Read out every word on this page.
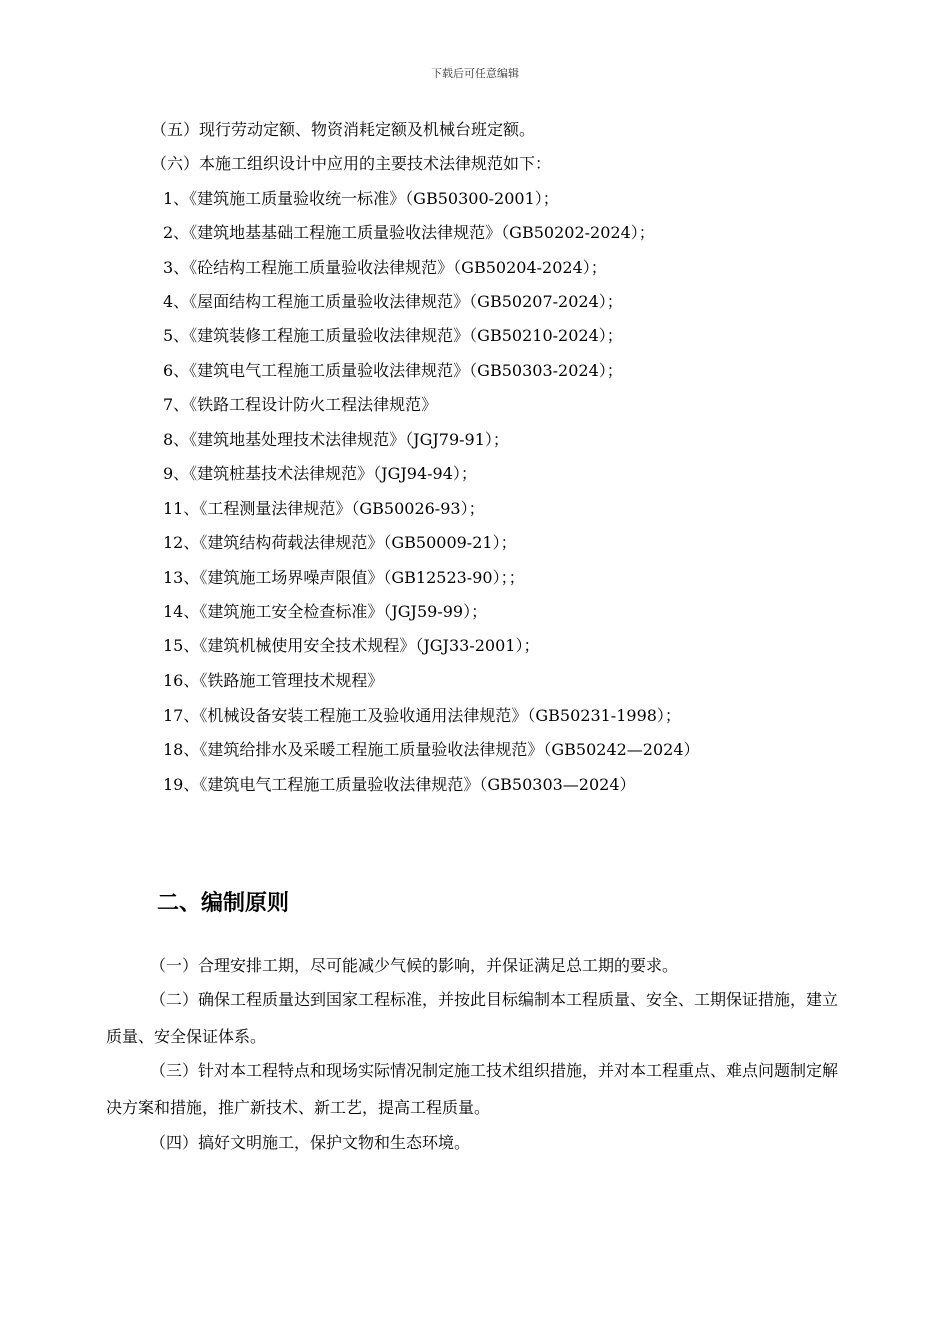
下载后可任意编辑
（五）现行劳动定额、物资消耗定额及机械台班定额。
（六）本施工组织设计中应用的主要技术法律规范如下：
1、《建筑施工质量验收统一标准》（GB50300-2001）；
2、《建筑地基基础工程施工质量验收法律规范》（GB50202-2024）；
3、《砼结构工程施工质量验收法律规范》（GB50204-2024）；
4、《屋面结构工程施工质量验收法律规范》（GB50207-2024）；
5、《建筑装修工程施工质量验收法律规范》（GB50210-2024）；
6、《建筑电气工程施工质量验收法律规范》（GB50303-2024）；
7、《铁路工程设计防火工程法律规范》
8、《建筑地基处理技术法律规范》（JGJ79-91）；
9、《建筑桩基技术法律规范》（JGJ94-94）；
11、《工程测量法律规范》（GB50026-93）；
12、《建筑结构荷载法律规范》（GB50009-21）；
13、《建筑施工场界噪声限值》（GB12523-90）；；
14、《建筑施工安全检查标准》（JGJ59-99）；
15、《建筑机械使用安全技术规程》（JGJ33-2001）；
16、《铁路施工管理技术规程》
17、《机械设备安装工程施工及验收通用法律规范》（GB50231-1998）；
18、《建筑给排水及采暖工程施工质量验收法律规范》（GB50242—2024）
19、《建筑电气工程施工质量验收法律规范》（GB50303—2024）
二、编制原则
（一）合理安排工期，尽可能减少气候的影响，并保证满足总工期的要求。
（二）确保工程质量达到国家工程标准，并按此目标编制本工程质量、安全、工期保证措施，建立质量、安全保证体系。
（三）针对本工程特点和现场实际情况制定施工技术组织措施，并对本工程重点、难点问题制定解决方案和措施，推广新技术、新工艺，提高工程质量。
（四）搞好文明施工，保护文物和生态环境。
